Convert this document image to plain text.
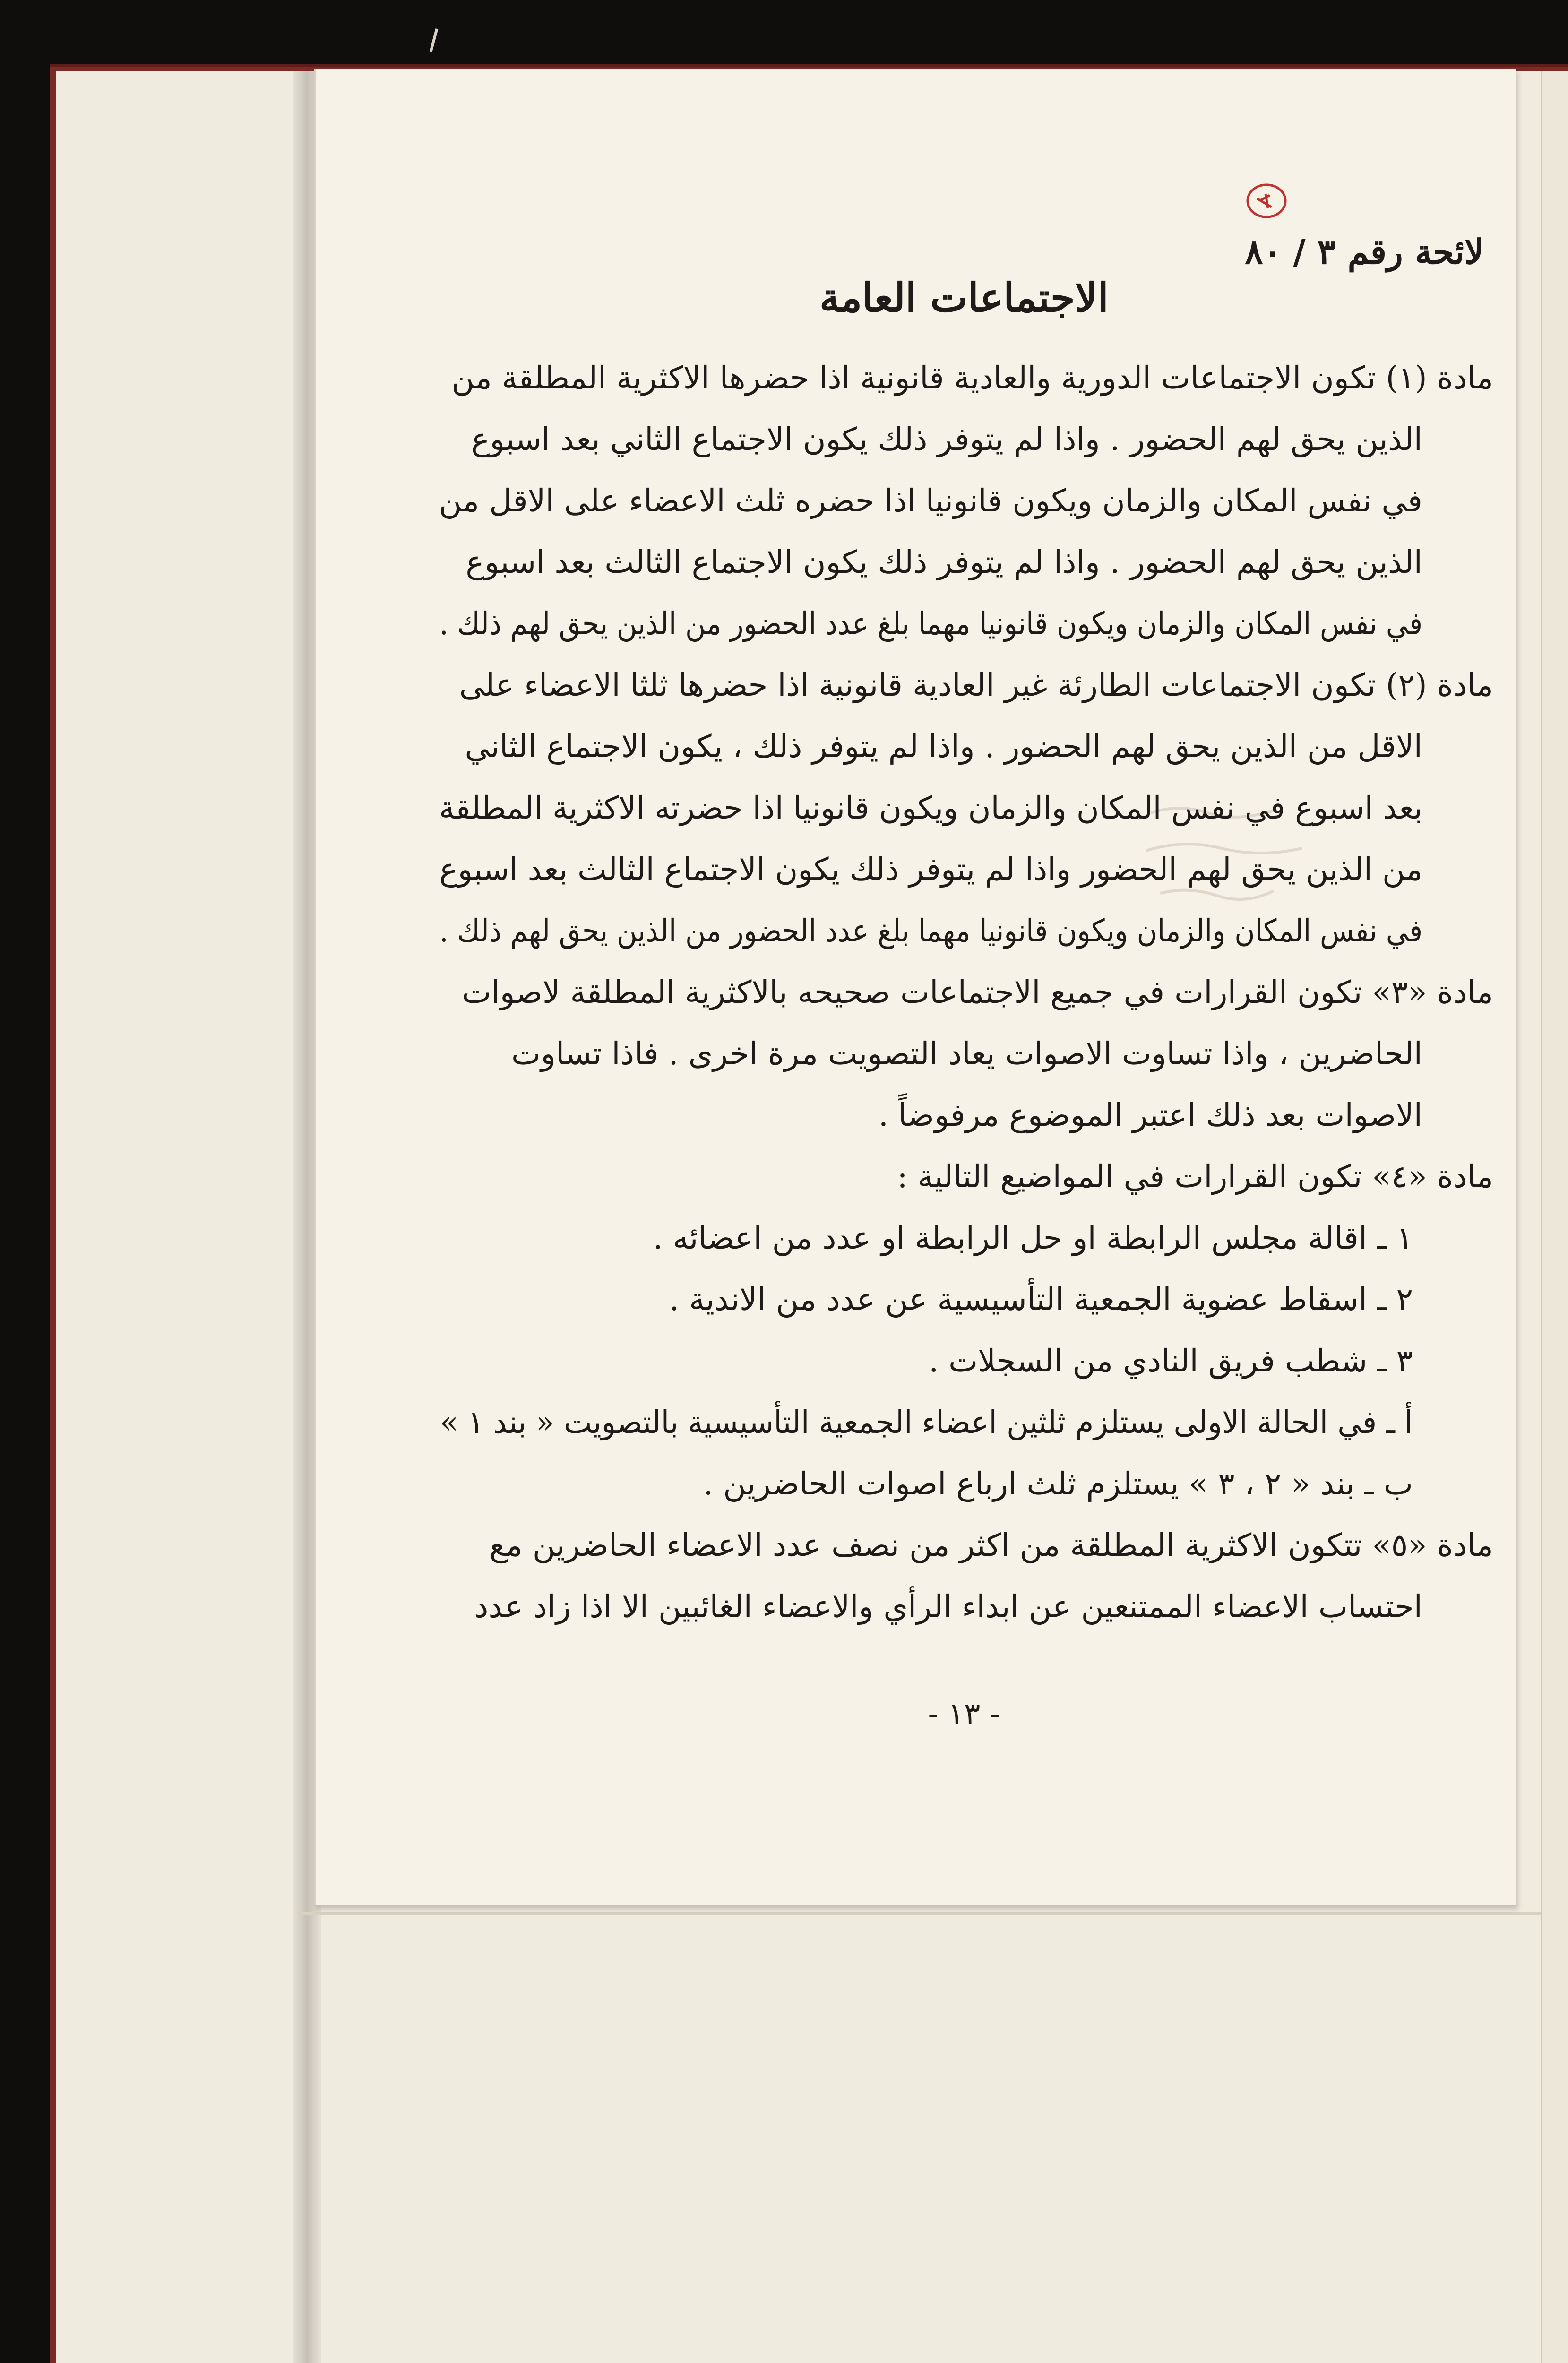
لائحة رقم ٣ / ٨٠
الاجتماعات العامة
مادة (١) تكون الاجتماعات الدورية والعادية قانونية اذا حضرها الاكثرية المطلقة من
الذين يحق لهم الحضور . واذا لم يتوفر ذلك يكون الاجتماع الثاني بعد اسبوع
في نفس المكان والزمان ويكون قانونيا اذا حضره ثلث الاعضاء على الاقل من
الذين يحق لهم الحضور . واذا لم يتوفر ذلك يكون الاجتماع الثالث بعد اسبوع
في نفس المكان والزمان ويكون قانونيا مهما بلغ عدد الحضور من الذين يحق لهم ذلك .
مادة (٢) تكون الاجتماعات الطارئة غير العادية قانونية اذا حضرها ثلثا الاعضاء على
الاقل من الذين يحق لهم الحضور . واذا لم يتوفر ذلك ، يكون الاجتماع الثاني
بعد اسبوع في نفس المكان والزمان ويكون قانونيا اذا حضرته الاكثرية المطلقة
من الذين يحق لهم الحضور واذا لم يتوفر ذلك يكون الاجتماع الثالث بعد اسبوع
في نفس المكان والزمان ويكون قانونيا مهما بلغ عدد الحضور من الذين يحق لهم ذلك .
مادة «٣» تكون القرارات في جميع الاجتماعات صحيحه بالاكثرية المطلقة لاصوات
الحاضرين ، واذا تساوت الاصوات يعاد التصويت مرة اخرى . فاذا تساوت
الاصوات بعد ذلك اعتبر الموضوع مرفوضاً .
مادة «٤» تكون القرارات في المواضيع التالية :
١ ـ اقالة مجلس الرابطة او حل الرابطة او عدد من اعضائه .
٢ ـ اسقاط عضوية الجمعية التأسيسية عن عدد من الاندية .
٣ ـ شطب فريق النادي من السجلات .
أ ـ في الحالة الاولى يستلزم ثلثين اعضاء الجمعية التأسيسية بالتصويت « بند ١ »
ب ـ بند « ٢ ، ٣ » يستلزم ثلث ارباع اصوات الحاضرين .
مادة «٥» تتكون الاكثرية المطلقة من اكثر من نصف عدد الاعضاء الحاضرين مع
احتساب الاعضاء الممتنعين عن ابداء الرأي والاعضاء الغائبين الا اذا زاد عدد
- ١٣ -
